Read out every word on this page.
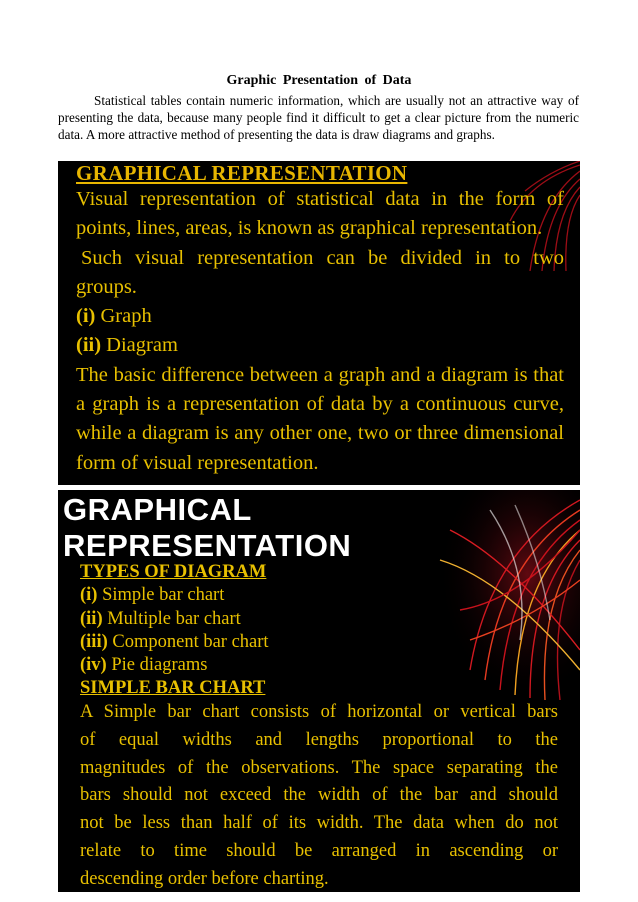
Graphic Presentation of Data

Statistical tables contain numeric information, which are usually not an attractive way of presenting the data, because many people find it difficult to get a clear picture from the numeric data. A more attractive method of presenting the data is draw diagrams and graphs.

GRAPHICAL REPRESENTATION
Visual representation of statistical data in the form of
points, lines, areas, is known as graphical representation.
Such visual representation can be divided in to two
groups.
(i) Graph
(ii) Diagram
The basic difference between a graph and a diagram is that
a graph is a representation of data by a continuous curve,
while a diagram is any other one, two or three dimensional
form of visual representation.
GRAPHICAL
REPRESENTATION
TYPES OF DIAGRAM
(i) Simple bar chart
(ii) Multiple bar chart
(iii) Component bar chart
(iv) Pie diagrams
SIMPLE BAR CHART
A Simple bar chart consists of horizontal or vertical bars
of equal widths and lengths proportional to the
magnitudes of the observations. The space separating the
bars should not exceed the width of the bar and should
not be less than half of its width. The data when do not
relate to time should be arranged in ascending or
descending order before charting.
